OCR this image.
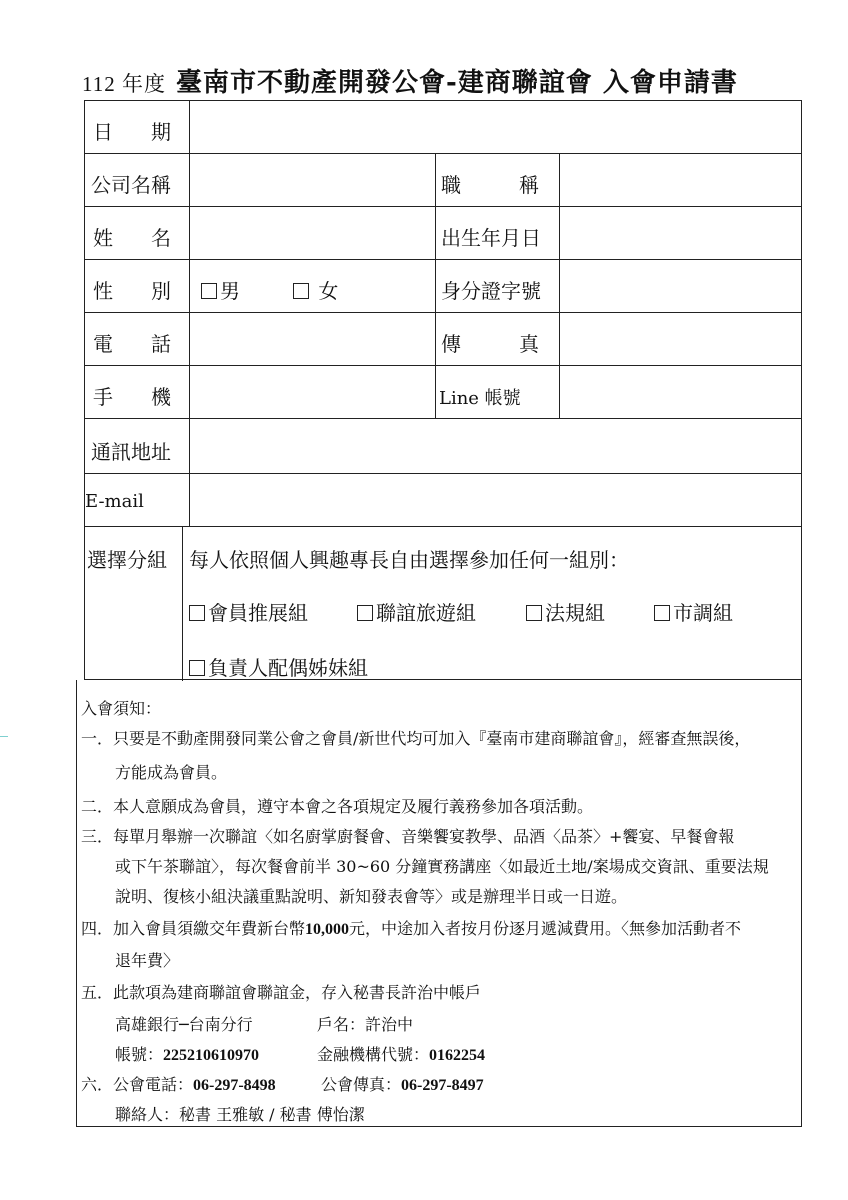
112 年度 臺南市不動產開發公會-建商聯誼會 入會申請書
日 期
公司名稱	職	稱
姓 名	出生年月日
性 別	男	女	身分證字號
電 話	傳	真
手 機	Line 帳號
通訊地址
E-mail
選擇分組 每人依照個人興趣專長自由選擇參加任何一組別：
會員推展組	聯誼旅遊組	法規組	市調組
負責人配偶姊妹組
入會須知：
一．只要是不動產開發同業公會之會員/新世代均可加入『臺南市建商聯誼會』，經審查無誤後，
方能成為會員。
二．本人意願成為會員，遵守本會之各項規定及履行義務參加各項活動。
三．每單月舉辦一次聯誼〈如名廚掌廚餐會、音樂饗宴教學、品酒〈品茶〉+饗宴、早餐會報
或下午茶聯誼〉，每次餐會前半 30~60 分鐘實務講座〈如最近土地/案場成交資訊、重要法規
說明、復核小組決議重點說明、新知發表會等〉或是辦理半日或一日遊。
四．加入會員須繳交年費新台幣10,000元，中途加入者按月份逐月遞減費用。〈無參加活動者不
退年費〉
五．此款項為建商聯誼會聯誼金，存入秘書長許治中帳戶
高雄銀行─台南分行	戶名：許治中
帳號：225210610970	金融機構代號：0162254
六．公會電話：06-297-8498	公會傳真：06-297-8497
聯絡人：秘書 王雅敏 / 秘書 傅怡潔
